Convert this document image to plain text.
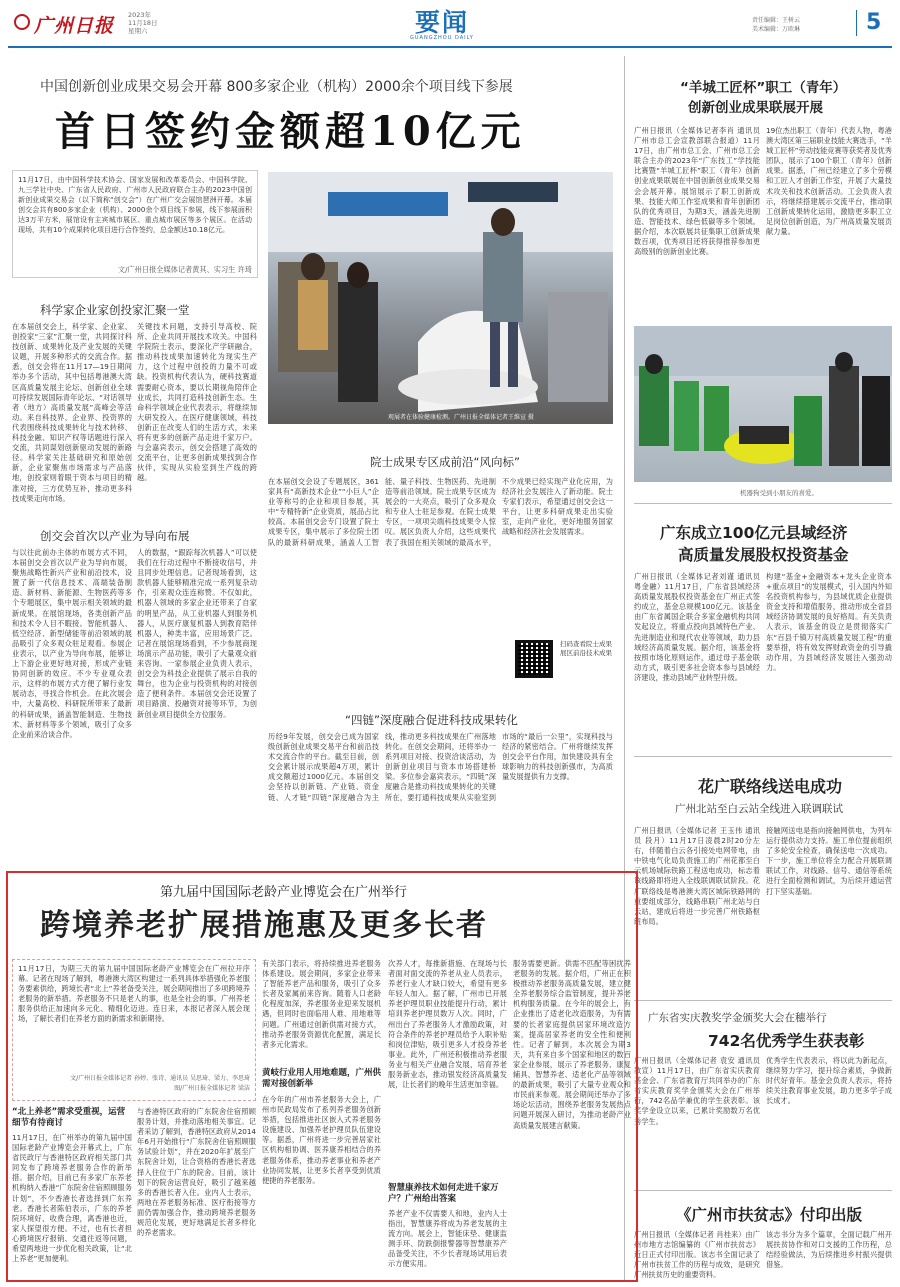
广州日报 2023年
11月18日
星期六	要闻
GUANGZHOU DAILY
责任编辑：王树云
美术编辑：万欧琳	5
中国创新创业成果交易会开幕 800多家企业（机构）2000余个项目线下参展
首日签约金额超10亿元
11月17日，由中国科学技术协会、国家发展和改革委员会、中国科学院、九三学社中央、广东省人民政府、广州市人民政府联合主办的2023中国创新创业成果交易会（以下简称“创交会”）在广州广交会展馆琶洲开幕。本届创交会共有800多家企业（机构）、2000余个项目线下参展，线下参展面积达3万平方米，展馆设有主宾城市展区、重点城市展区等多个展区。在活动现场，共有10个成果转化项目进行合作签约，总金额达10.18亿元。
文/广州日报全媒体记者黄其、实习生 许琦
观展者在体验健康检测。广州日报全媒体记者王维宣 摄
科学家企业家创投家汇聚一堂
在本届创交会上，科学家、企业家、创投家“三家”汇聚一堂，共同探讨科技创新、成果转化及产业发展的关键议题，开展多种形式的交流合作。据悉，创交会将在11月17—19日期间举办多个活动，其中包括粤港澳大湾区高质量发展主论坛、创新创业全球可持续发展国际青年论坛、“对话领导者（地方）高质量发展”高峰会等活动。来自科技界、企业界、投资界的代表围绕科技成果转化与技术转移、科技金融、知识产权等话题进行深入交流，共同谋划创新驱动发展的新路径。科学家关注基础研究和原始创新，企业家聚焦市场需求与产品落地，创投家则着眼于资本与项目的精准对接，三方优势互补，推动更多科技成果走向市场。
关键技术问题，支持引导高校、院所、企业共同开展技术攻关。中国科学院院士表示，要深化产学研融合，推动科技成果加速转化为现实生产力，这个过程中创投的力量不可或缺。投资机构代表认为，硬科技赛道需要耐心资本，要以长期视角陪伴企业成长，共同打造科技创新生态。生命科学领域企业代表表示，将继续加大研发投入。在医疗健康领域，科技创新正在改变人们的生活方式，未来将有更多的创新产品走进千家万户。与会嘉宾表示，创交会搭建了高效的交流平台，让更多创新成果找到合作伙伴，实现从实验室到生产线的跨越。
创交会首次以产业为导向布展
与以往此前办主体的布展方式不同，本届创交会首次以产业为导向布展，聚焦战略性新兴产业和前沿技术，设置了新一代信息技术、高端装备制造、新材料、新能源、生物医药等多个专题展区，集中展示相关领域的最新成果。在展馆现场，各类创新产品和技术令人目不暇接。智能机器人、低空经济、新型储能等前沿领域的展品吸引了众多观众驻足观看。参展企业表示，以产业为导向布展，能够让上下游企业更好地对接，形成产业链协同创新的效应。不少专业观众表示，这样的布展方式方便了解行业发展动态，寻找合作机会。在此次展会中，大量高校、科研院所带来了最新的科研成果，涵盖智能制造、生物技术、新材料等多个领域，吸引了众多企业前来洽谈合作。
人的数据，“跟踪每次机器人”可以使我们在行动过程中不断接收信号，并且同步处理信息。记者现场看到，这款机器人能够精准完成一系列复杂动作，引来观众连连称赞。不仅如此，机器人领域的多家企业还带来了自家的明星产品，从工业机器人到服务机器人，从医疗康复机器人到教育陪伴机器人，种类丰富，应用场景广泛。记者在展馆现场看到，不少参展商现场演示产品功能，吸引了大量观众前来咨询。一家参展企业负责人表示，创交会为科技企业提供了展示自我的舞台，也为企业与投资机构的对接创造了便利条件。本届创交会还设置了项目路演、投融资对接等环节，为创新创业项目提供全方位服务。
院士成果专区成前沿“风向标”
在本届创交会设了专题展区，361家具有“高新技术企业”“小巨人”企业等称号的企业和项目参展，其中“专精特新”企业资质，展品占比较高。本届创交会专门设置了院士成果专区，集中展示了多位院士团队的最新科研成果，涵盖人工智能、量子科技、生物医药、先进制造等前沿领域。院士成果专区成为展会的一大亮点，吸引了众多观众和专业人士驻足参观。在院士成果专区，一项项尖端科技成果令人惊叹。展区负责人介绍，这些成果代表了我国在相关领域的最高水平，不少成果已经实现产业化应用，为经济社会发展注入了新动能。院士专家们表示，希望通过创交会这一平台，让更多科研成果走出实验室，走向产业化，更好地服务国家战略和经济社会发展需求。
扫码查看院士成果展区前沿技术成果
“四链”深度融合促进科技成果转化
历经9年发展，创交会已成为国家级创新创业成果交易平台和前沿技术交流合作的平台。截至目前，创交会累计展示成果超4万项，累计成交额超过1000亿元。本届创交会坚持以创新链、产业链、资金链、人才链“四链”深度融合为主线，推动更多科技成果在广州落地转化。在创交会期间，还将举办一系列项目对接、投资洽谈活动，为创新创业项目与资本市场搭建桥梁。多位参会嘉宾表示，“四链”深度融合是推动科技成果转化的关键所在，要打通科技成果从实验室到市场的“最后一公里”，实现科技与经济的紧密结合。广州将继续发挥创交会平台作用，加快建设具有全球影响力的科技创新强市，为高质量发展提供有力支撑。
“羊城工匠杯”职工（青年）
创新创业成果联展开展
广州日报讯（全媒体记者李肖 通讯员 广州市总工会宣教部联合报道）11月17日，由广州市总工会、广州市总工会联合主办的2023年“广东技工”学技能比赛暨“羊城工匠杯”职工（青年）创新创业成果联展在中国创新创业成果交易会会展开幕。展馆展示了职工创新成果、技能大师工作室成果和青年创新团队的优秀项目，为期3天，涵盖先进制造、智能技术、绿色低碳等多个领域。据介绍，本次联展共征集职工创新成果数百项，优秀项目还将获得推荐参加更高级别的创新创业比赛。
19位杰出职工（青年）代表人物，粤港澳大湾区第三届职业技能大赛选手，“羊城工匠杯”劳动技能竞赛等获奖者及优秀团队，展示了100个职工（青年）创新成果。据悉，广州已经建立了多个劳模和工匠人才创新工作室，开展了大量技术攻关和技术创新活动。工会负责人表示，将继续搭建展示交流平台，推动职工创新成果转化运用，激励更多职工立足岗位创新创造，为广州高质量发展贡献力量。
机器狗受到小朋友的喜爱。
广东成立100亿元县域经济
高质量发展股权投资基金
广州日报讯（全媒体记者刘谨 通讯员 粤金融）11月17日，广东省县域经济高质量发展股权投资基金在广州正式签约成立，基金总规模100亿元。该基金由广东省属国企联合多家金融机构共同发起设立，将重点投向县域特色产业、先进制造业和现代农业等领域，助力县域经济高质量发展。据介绍，该基金将按照市场化原则运作，通过母子基金联动方式，吸引更多社会资本参与县域经济建设，推动县域产业转型升级。
构建“基金+金融资本+龙头企业资本+重点项目”的发展模式，引入国内外知名投资机构参与，为县域优质企业提供资金支持和增值服务，推动形成全省县域经济协调发展的良好格局。有关负责人表示，该基金的设立是贯彻落实广东“百县千镇万村高质量发展工程”的重要举措，将有效发挥财政资金的引导撬动作用，为县域经济发展注入强劲动力。
花广联络线送电成功
广州北站至白云站全线进入联调联试
广州日报讯（全媒体记者 王玉伟 通讯员 段月）11月17日凌晨2时20分左右，伴随着白云各引接处电网带电，由中铁电气化局负责施工的广州花都至白云机场城际铁路工程送电成功，标志着该线路即将进入全线联调联试阶段。花广联络线是粤港澳大湾区城际铁路网的重要组成部分，线路串联广州北站与白云站，建成后将进一步完善广州铁路枢纽布局。
接触网送电是指向接触网供电，为列车运行提供动力支持。施工单位提前组织了多轮安全检查，确保送电一次成功。下一步，施工单位将全力配合开展联调联试工作，对线路、信号、通信等系统进行全面检测和调试，为后续开通运营打下坚实基础。
广东省实庆教奖学金颁奖大会在穗举行
742名优秀学生获表彰
广州日报讯（全媒体记者 袁安 通讯员 教宣）11月17日，由广东省实庆教育基金会、广东省教育厅共同举办的广东省实庆教育奖学金颁奖大会在广州举行，742名品学兼优的学生获表彰。该奖学金设立以来，已累计奖励数万名优秀学生。
优秀学生代表表示，将以此为新起点，继续努力学习，提升综合素质，争做新时代好青年。基金会负责人表示，将持续关注教育事业发展，助力更多学子成长成才。
《广州市扶贫志》付印出版
广州日报讯（全媒体记者 肖桂来）由广州市地方志馆编纂的《广州市扶贫志》近日正式付印出版。该志书全面记录了广州市扶贫工作的历程与成效，是研究广州扶贫历史的重要资料。
该志书分为多个篇章，全面记载广州开展扶贫协作和对口支援的工作历程，总结经验做法，为后续推进乡村振兴提供借鉴。
第九届中国国际老龄产业博览会在广州举行
跨境养老扩展措施惠及更多长者
11月17日，为期三天的第九届中国国际老龄产业博览会在广州拉开序幕。记者在现场了解到，粤港澳大湾区构建过一系列具体举措强化养老服务要素供给，跨境长者“北上”养老备受关注，展会期间推出了多项跨境养老服务的新举措。养老服务不只是老人的事，也是全社会的事。广州养老服务供给正加速向多元化、精细化迈进。连日来，本报记者深入展会现场，了解长者们在养老方面的新需求和新期待。
文/广州日报全媒体记者 孙婷、张诗、通讯员 吴思琦、梁力、李思琦
图/广州日报全媒体记者 梁洁
“北上养老”需求受重视，运营细节有待商讨
11月17日，在广州举办的第九届中国国际老龄产业博览会开幕式上，广东省民政厅与香港特区政府相关部门共同发布了跨境养老服务合作的新举措。据介绍，目前已有多家广东养老机构纳入香港“广东院舍住宿照顾服务计划”，不少香港长者选择到广东养老。香港长者陈伯表示，广东的养老院环境好、收费合理，离香港也近，家人探望很方便。不过，也有长者担心跨境医疗报销、交通往返等问题，希望两地进一步优化相关政策，让“北上养老”更加便利。
与香港特区政府的广东院舍住宿照顾服务计划，并推动落地相关事宜。记者采访了解到，香港特区政府从2014年6月开始推行“广东院舍住宿照顾服务试验计划”，并在2020年扩展至广东院舍计划，让合资格的香港长者选择入住位于广东的院舍。目前，该计划下的院舍运营良好，吸引了越来越多的香港长者入住。业内人士表示，两地在养老服务标准、医疗衔接等方面仍需加强合作，推动跨境养老服务规范化发展，更好地满足长者多样化的养老需求。
有关部门表示，将持续推进养老服务体系建设。展会期间，多家企业带来了智能养老产品和服务，吸引了众多长者及家属前来咨询。随着人口老龄化程度加深，养老服务业迎来发展机遇，但同时也面临用人难、用地难等问题。广州通过创新供需对接方式，推动养老服务资源优化配置，满足长者多元化需求。
黄岐行业用人用地难题，广州供需对接创新举
在今年的广州市养老服务大会上，广州市民政局发布了系列养老服务创新举措，包括推进社区嵌入式养老服务设施建设、加强养老护理员队伍建设等。据悉，广州将进一步完善居家社区机构相协调、医养康养相结合的养老服务体系，推动养老事业和养老产业协同发展，让更多长者享受到优质便捷的养老服务。
次养人才，每推新措施、在现场与长者面对面交流的养老从业人员表示，养老行业人才缺口较大，希望有更多年轻人加入。据了解，广州市已开展养老护理员职业技能提升行动，累计培训养老护理员数万人次。同时，广州出台了养老服务人才激励政策，对符合条件的养老护理员给予入职补贴和岗位津贴，吸引更多人才投身养老事业。此外，广州还积极推动养老服务业与相关产业融合发展，培育养老服务新业态，推动银发经济高质量发展，让长者们的晚年生活更加幸福。
智慧康养技术如何走进千家万户？广州给出答案
养老产业不仅需要人和地，业内人士指出，智慧康养将成为养老发展的主流方向。展会上，智能床垫、健康监测手环、防跌倒报警器等智慧康养产品备受关注，不少长者现场试用后表示方便实用。
服务需要更新。供需不匹配等困扰养老服务的发展。据介绍，广州正在积极推动养老服务高质量发展，建立健全养老服务综合监管制度，提升养老机构服务质量。在今年的展会上，有企业推出了适老化改造服务，为有需要的长者家庭提供居家环境改造方案，提高居家养老的安全性和便利性。记者了解到，本次展会为期3天，共有来自多个国家和地区的数百家企业参展，展示了养老服务、康复辅具、智慧养老、适老化产品等领域的最新成果，吸引了大量专业观众和市民前来参观。展会期间还举办了多场论坛活动，围绕养老服务发展热点问题开展深入研讨，为推动老龄产业高质量发展建言献策。
